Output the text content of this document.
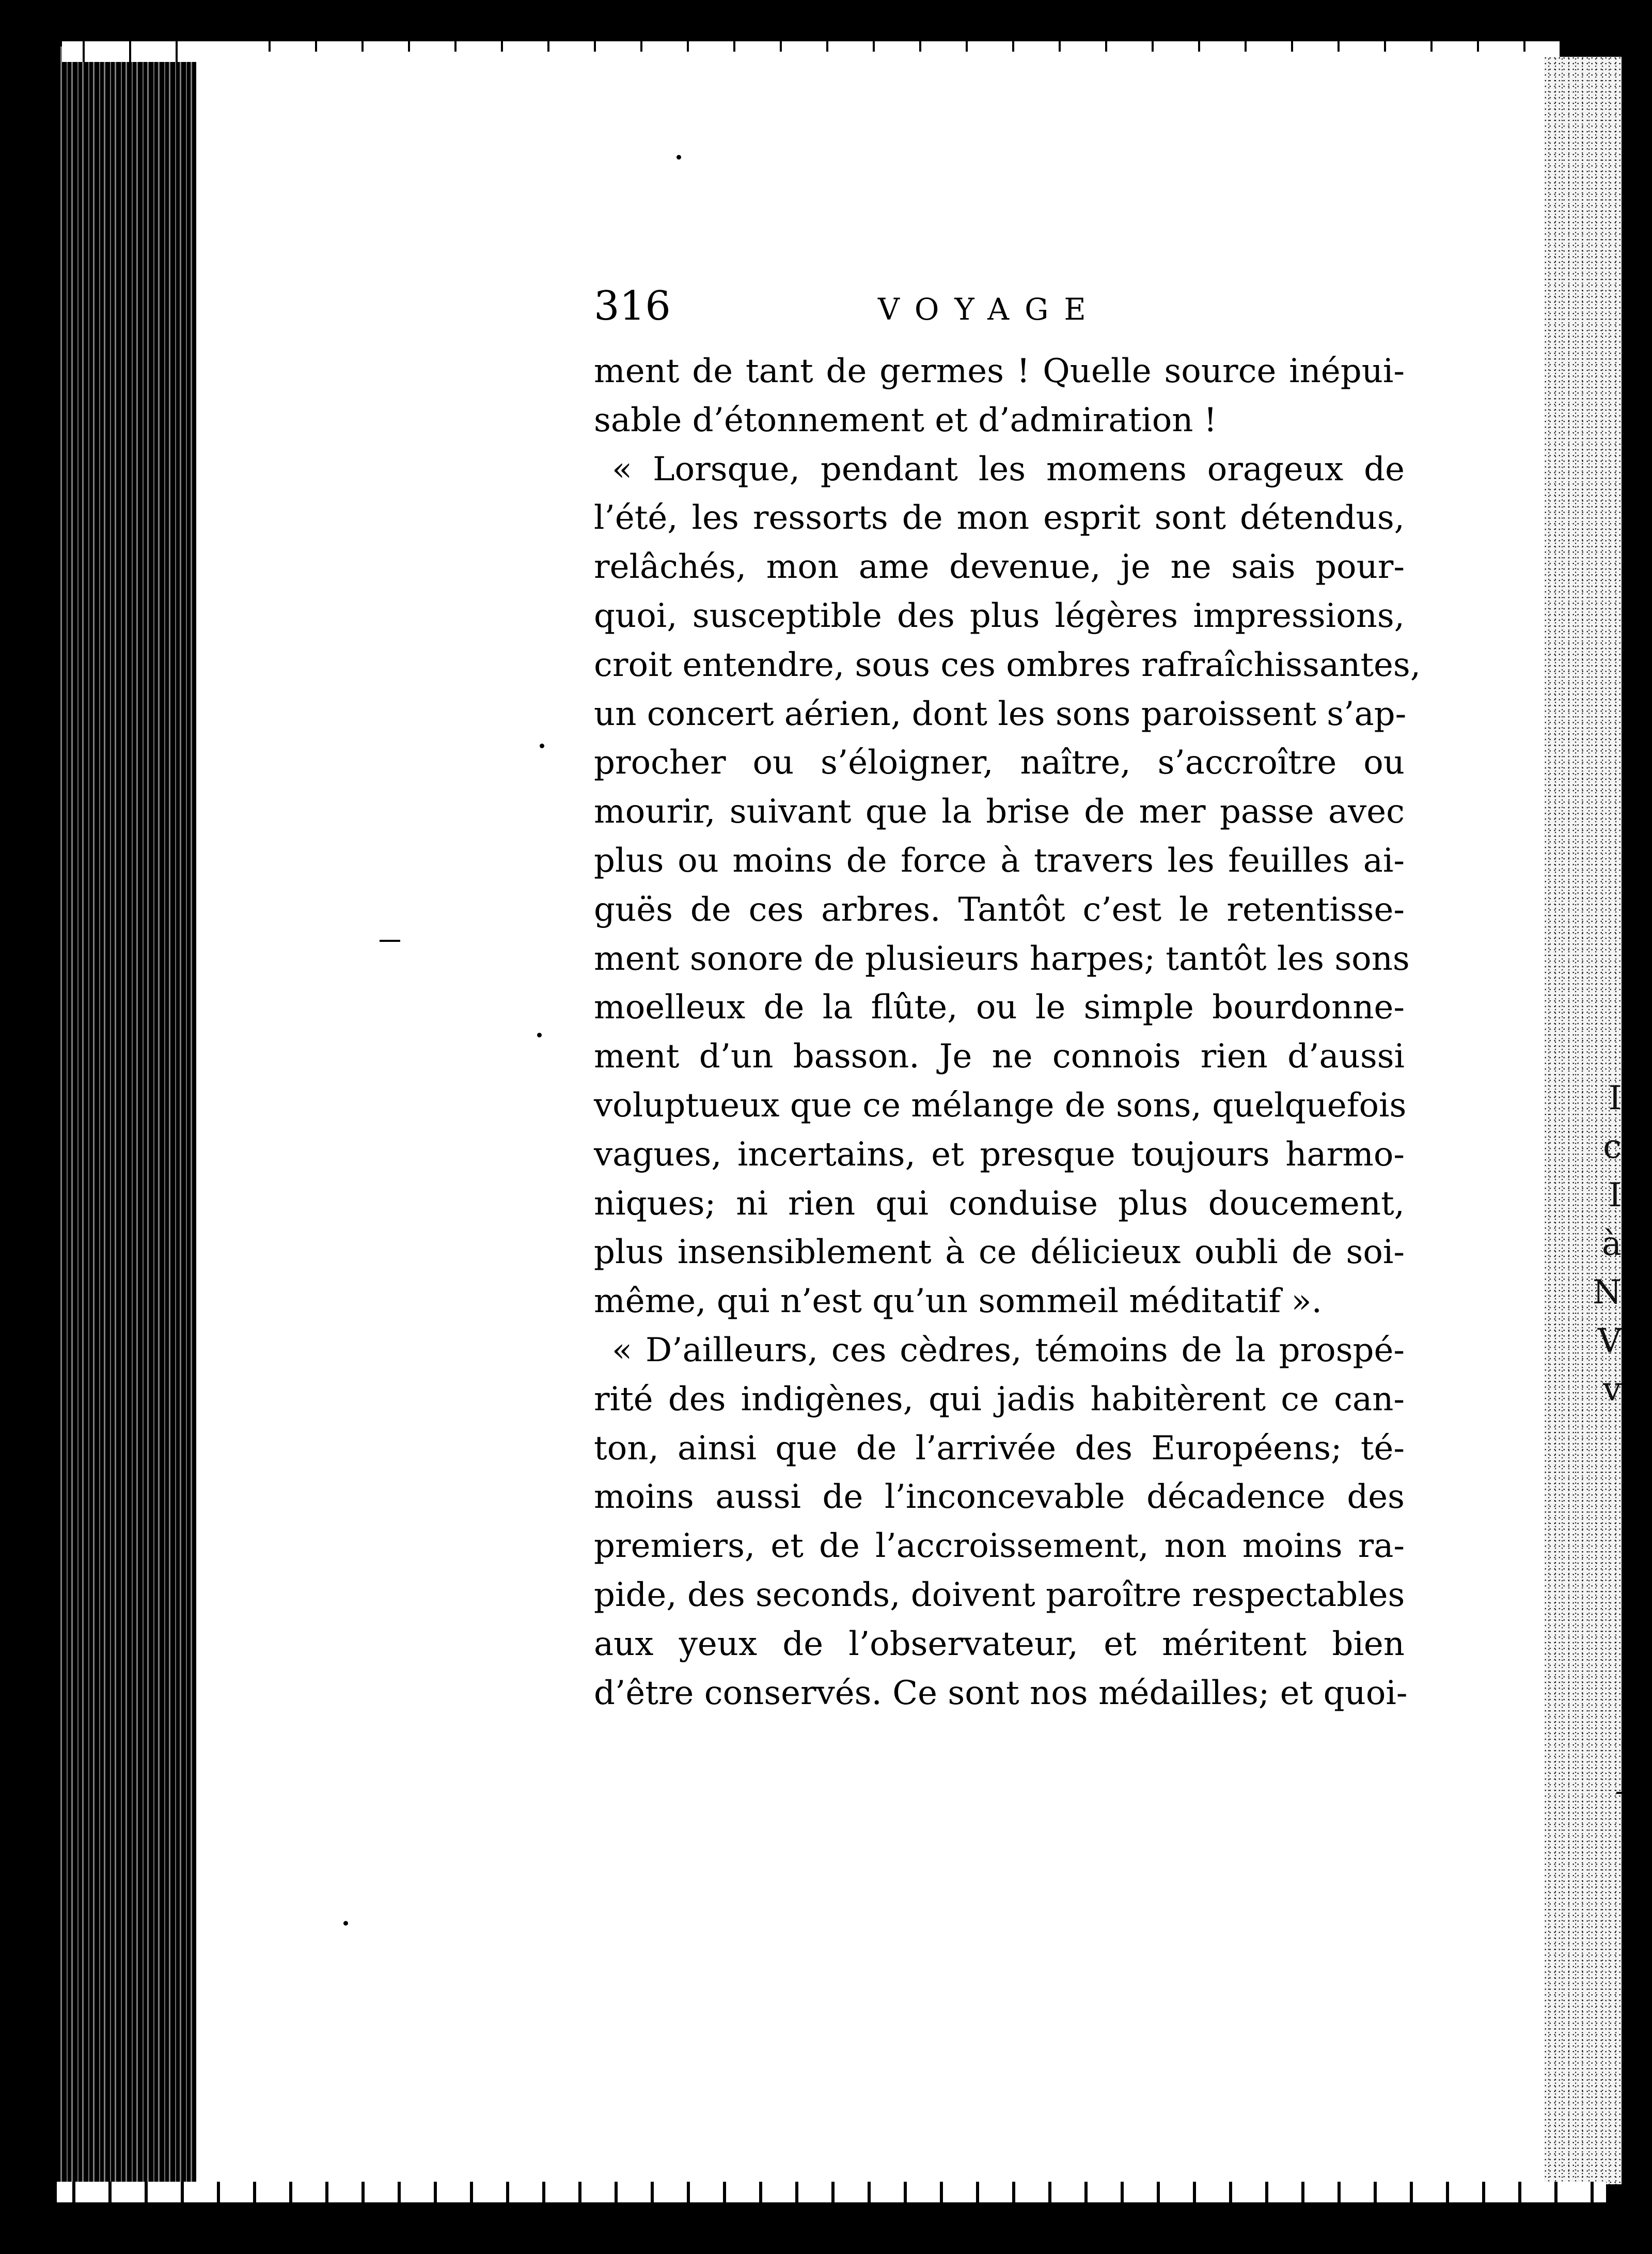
I
c
I
à
N
V
v
316	VOYAGE
ment de tant de germes ! Quelle source inépui-
sable d’étonnement et d’admiration !
« Lorsque, pendant les momens orageux de
l’été, les ressorts de mon esprit sont détendus,
relâchés, mon ame devenue, je ne sais pour-
quoi, susceptible des plus légères impressions,
croit entendre, sous ces ombres rafraîchissantes,
un concert aérien, dont les sons paroissent s’ap-
procher ou s’éloigner, naître, s’accroître ou
mourir, suivant que la brise de mer passe avec
plus ou moins de force à travers les feuilles ai-
guës de ces arbres. Tantôt c’est le retentisse-
ment sonore de plusieurs harpes; tantôt les sons
moelleux de la flûte, ou le simple bourdonne-
ment d’un basson. Je ne connois rien d’aussi
voluptueux que ce mélange de sons, quelquefois
vagues, incertains, et presque toujours harmo-
niques; ni rien qui conduise plus doucement,
plus insensiblement à ce délicieux oubli de soi-
même, qui n’est qu’un sommeil méditatif ».
« D’ailleurs, ces cèdres, témoins de la prospé-
rité des indigènes, qui jadis habitèrent ce can-
ton, ainsi que de l’arrivée des Européens; té-
moins aussi de l’inconcevable décadence des
premiers, et de l’accroissement, non moins ra-
pide, des seconds, doivent paroître respectables
aux yeux de l’observateur, et méritent bien
d’être conservés. Ce sont nos médailles; et quoi-
